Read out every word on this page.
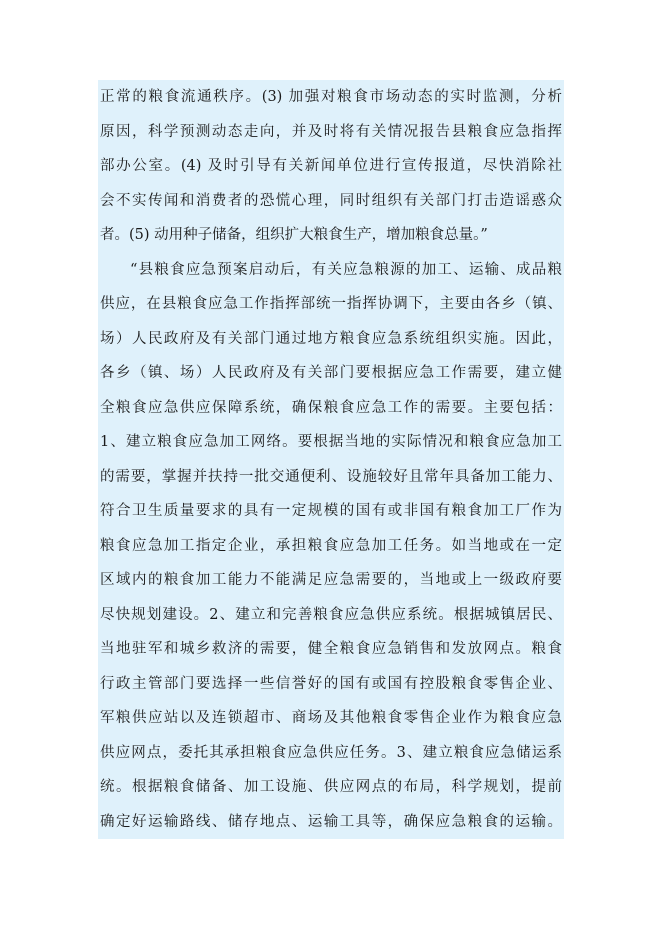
正常的粮食流通秩序。(3) 加强对粮食市场动态的实时监测，分析
原因，科学预测动态走向，并及时将有关情况报告县粮食应急指挥
部办公室。(4) 及时引导有关新闻单位进行宣传报道，尽快消除社
会不实传闻和消费者的恐慌心理，同时组织有关部门打击造谣惑众
者。(5) 动用种子储备，组织扩大粮食生产，增加粮食总量。”
“县粮食应急预案启动后，有关应急粮源的加工、运输、成品粮
供应，在县粮食应急工作指挥部统一指挥协调下，主要由各乡（镇、
场）人民政府及有关部门通过地方粮食应急系统组织实施。因此，
各乡（镇、场）人民政府及有关部门要根据应急工作需要，建立健
全粮食应急供应保障系统，确保粮食应急工作的需要。主要包括：
1、建立粮食应急加工网络。要根据当地的实际情况和粮食应急加工
的需要，掌握并扶持一批交通便利、设施较好且常年具备加工能力、
符合卫生质量要求的具有一定规模的国有或非国有粮食加工厂作为
粮食应急加工指定企业，承担粮食应急加工任务。如当地或在一定
区域内的粮食加工能力不能满足应急需要的，当地或上一级政府要
尽快规划建设。2、建立和完善粮食应急供应系统。根据城镇居民、
当地驻军和城乡救济的需要，健全粮食应急销售和发放网点。粮食
行政主管部门要选择一些信誉好的国有或国有控股粮食零售企业、
军粮供应站以及连锁超市、商场及其他粮食零售企业作为粮食应急
供应网点，委托其承担粮食应急供应任务。3、建立粮食应急储运系
统。根据粮食储备、加工设施、供应网点的布局，科学规划，提前
确定好运输路线、储存地点、运输工具等，确保应急粮食的运输。
